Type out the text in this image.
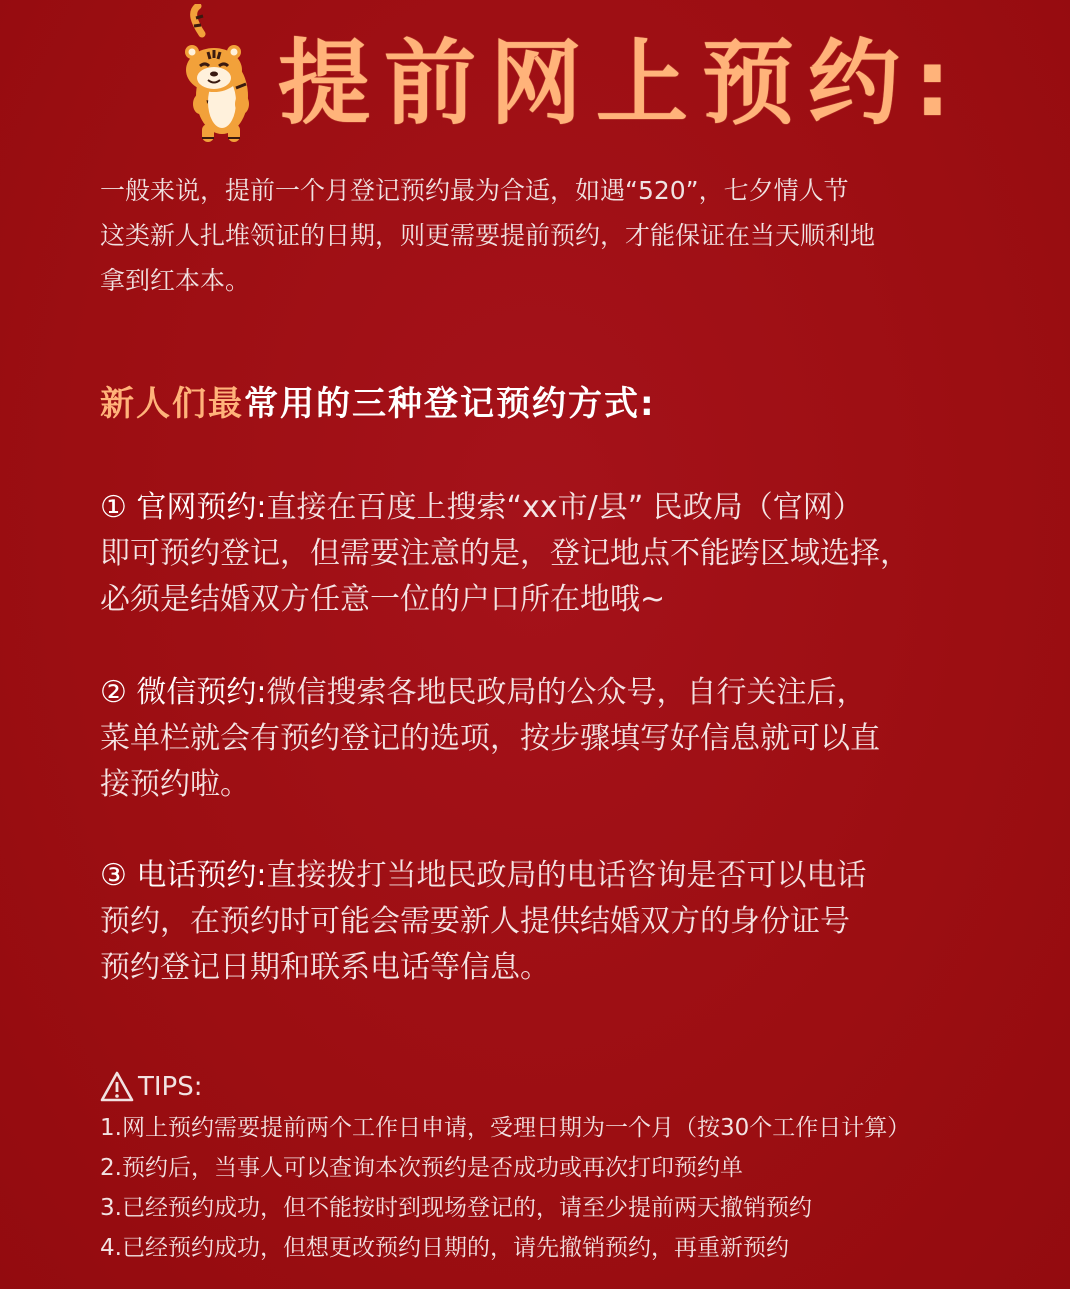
提前网上预约:

一般来说，提前一个月登记预约最为合适，如遇“520”，七夕情人节

这类新人扎堆领证的日期，则更需要提前预约，才能保证在当天顺利地

拿到红本本。

新人们最常用的三种登记预约方式:

① 官网预约:直接在百度上搜索“xx市/县” 民政局（官网）

即可预约登记，但需要注意的是，登记地点不能跨区域选择，

必须是结婚双方任意一位的户口所在地哦~

② 微信预约:微信搜索各地民政局的公众号，自行关注后，

菜单栏就会有预约登记的选项，按步骤填写好信息就可以直

接预约啦。

③ 电话预约:直接拨打当地民政局的电话咨询是否可以电话

预约，在预约时可能会需要新人提供结婚双方的身份证号

预约登记日期和联系电话等信息。

TIPS:
1.网上预约需要提前两个工作日申请，受理日期为一个月（按30个工作日计算）
2.预约后，当事人可以查询本次预约是否成功或再次打印预约单
3.已经预约成功，但不能按时到现场登记的，请至少提前两天撤销预约
4.已经预约成功，但想更改预约日期的，请先撤销预约，再重新预约
